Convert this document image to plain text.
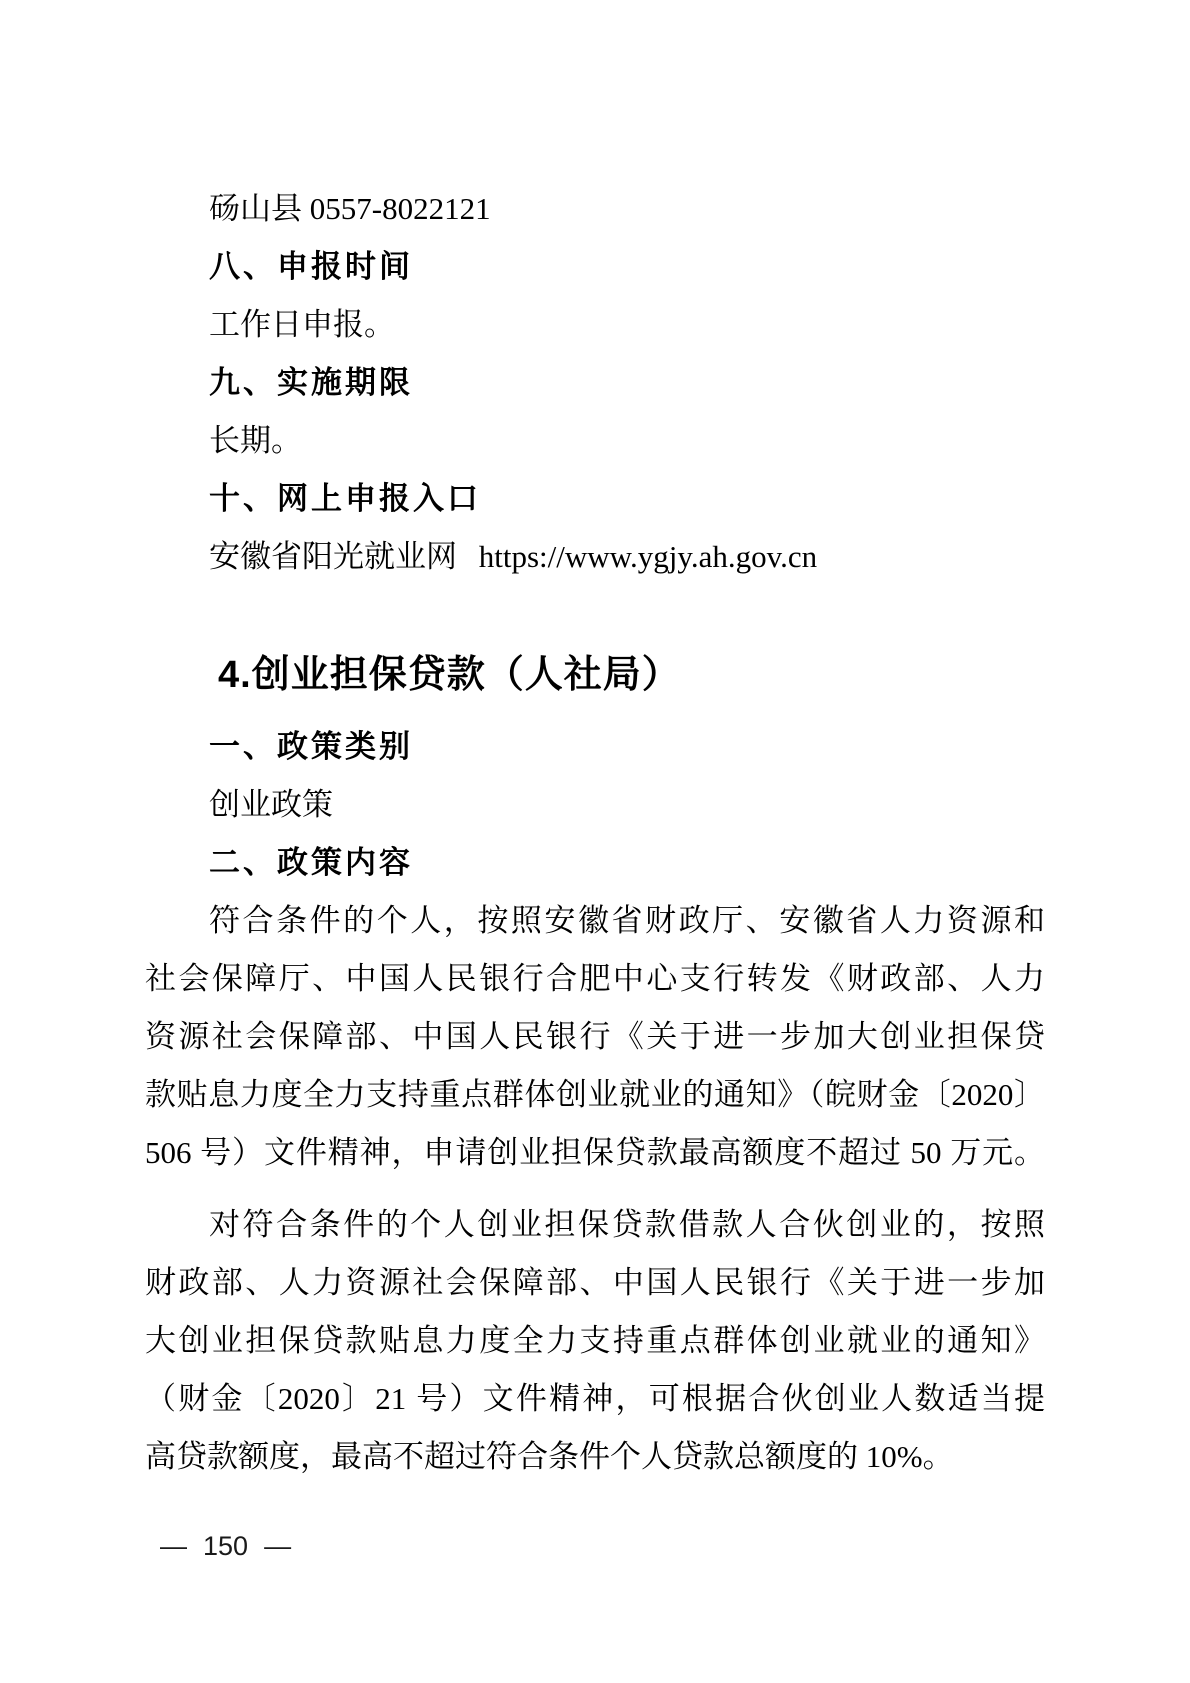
砀山县 0557-8022121
八、申报时间
工作日申报。
九、实施期限
长期。
十、网上申报入口
安徽省阳光就业网 https://www.ygjy.ah.gov.cn
4.创业担保贷款（人社局）
一、政策类别
创业政策
二、政策内容
符合条件的个人，按照安徽省财政厅、安徽省人力资源和
社会保障厅、中国人民银行合肥中心支行转发《财政部、人力
资源社会保障部、中国人民银行《关于进一步加大创业担保贷
款贴息力度全力支持重点群体创业就业的通知》（皖财金〔2020〕
506 号）文件精神，申请创业担保贷款最高额度不超过 50 万元。
对符合条件的个人创业担保贷款借款人合伙创业的，按照
财政部、人力资源社会保障部、中国人民银行《关于进一步加
大创业担保贷款贴息力度全力支持重点群体创业就业的通知》
（财金〔2020〕21 号）文件精神，可根据合伙创业人数适当提
高贷款额度，最高不超过符合条件个人贷款总额度的 10%。
— 150 —
